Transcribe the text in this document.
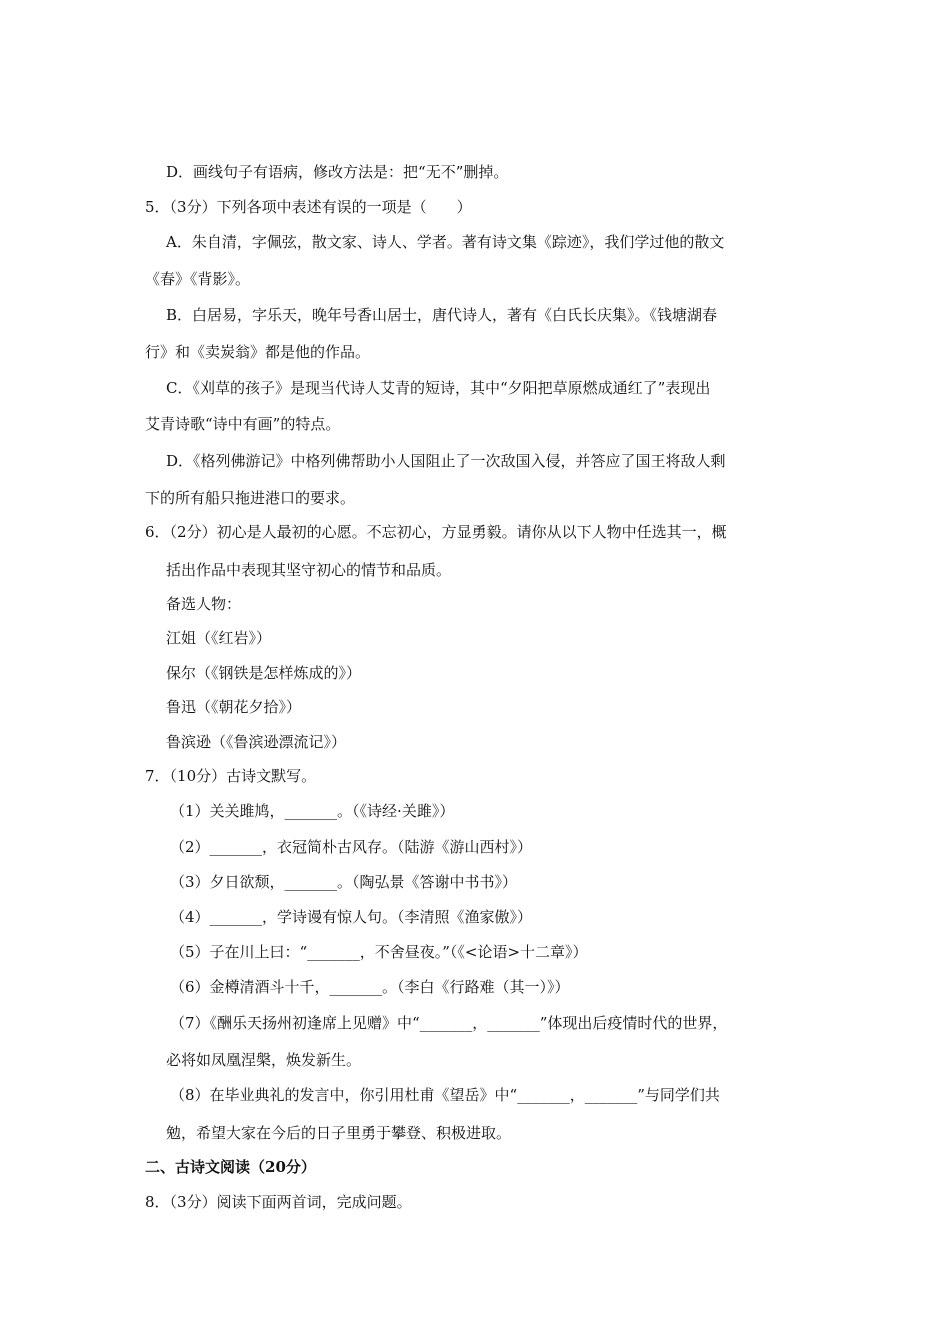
D．画线句子有语病，修改方法是：把“无不”删掉。
5．（3分）下列各项中表述有误的一项是（　　）
A．朱自清，字佩弦，散文家、诗人、学者。著有诗文集《踪迹》，我们学过他的散文
《春》《背影》。
B．白居易，字乐天，晚年号香山居士，唐代诗人，著有《白氏长庆集》。《钱塘湖春
行》和《卖炭翁》都是他的作品。
C．《刈草的孩子》是现当代诗人艾青的短诗，其中“夕阳把草原燃成通红了”表现出
艾青诗歌“诗中有画”的特点。
D．《格列佛游记》中格列佛帮助小人国阻止了一次敌国入侵，并答应了国王将敌人剩
下的所有船只拖进港口的要求。
6．（2分）初心是人最初的心愿。不忘初心，方显勇毅。请你从以下人物中任选其一，概
括出作品中表现其坚守初心的情节和品质。
备选人物：
江姐（《红岩》）
保尔（《钢铁是怎样炼成的》）
鲁迅（《朝花夕拾》）
鲁滨逊（《鲁滨逊漂流记》）
7．（10分）古诗文默写。
（1）关关雎鸠，_______。（《诗经·关雎》）
（2）_______，衣冠简朴古风存。（陆游《游山西村》）
（3）夕日欲颓，_______。（陶弘景《答谢中书书》）
（4）_______，学诗谩有惊人句。（李清照《渔家傲》）
（5）子在川上曰：“_______，不舍昼夜。”（《<论语>十二章》）
（6）金樽清酒斗十千，_______。（李白《行路难（其一）》）
（7）《酬乐天扬州初逢席上见赠》中“_______，_______”体现出后疫情时代的世界，
必将如凤凰涅槃，焕发新生。
（8）在毕业典礼的发言中，你引用杜甫《望岳》中“_______，_______”与同学们共
勉，希望大家在今后的日子里勇于攀登、积极进取。
二、古诗文阅读（20分）
8．（3分）阅读下面两首词，完成问题。
